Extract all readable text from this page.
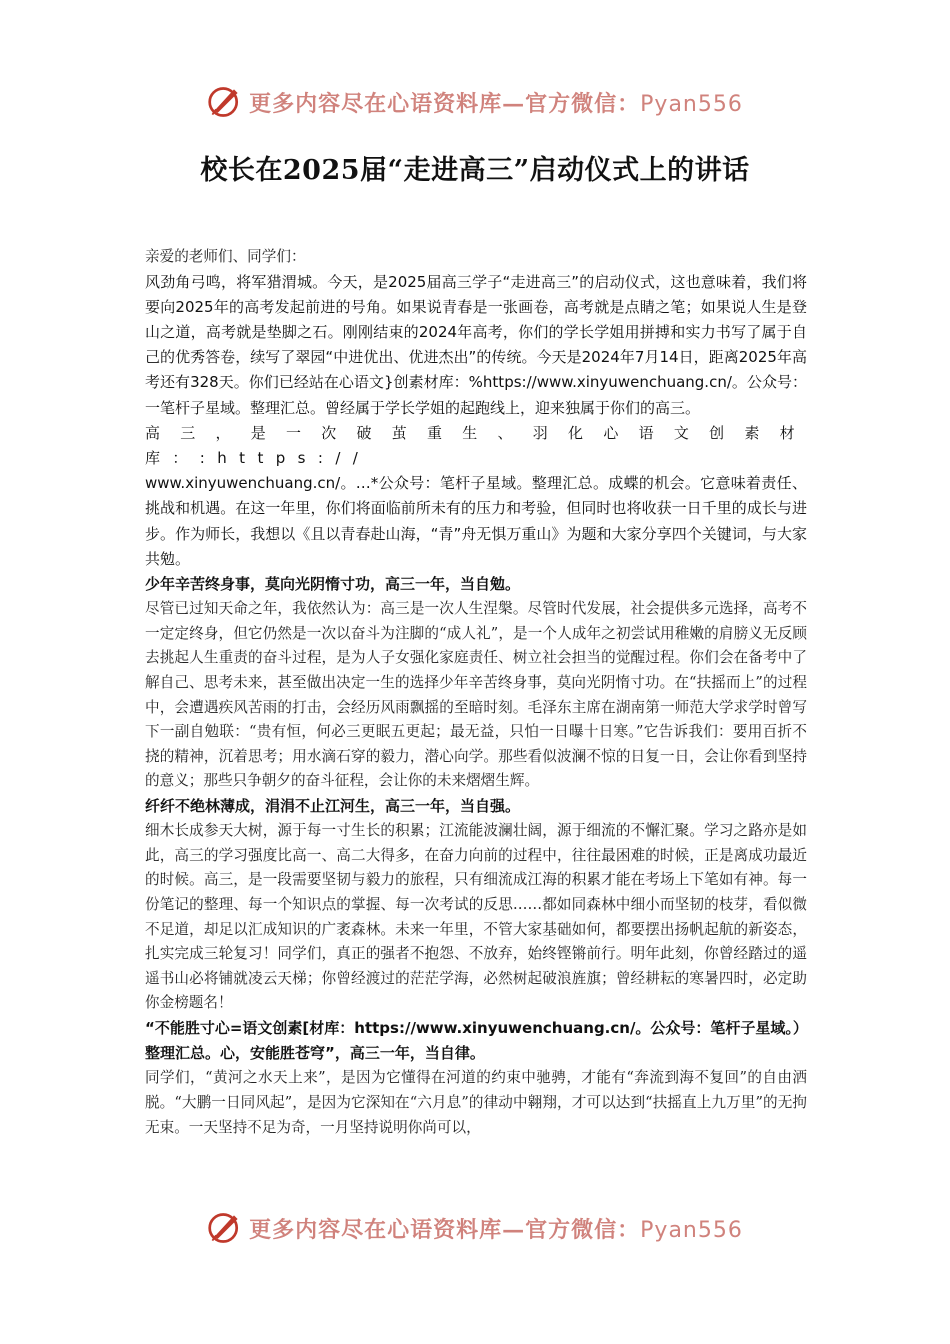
更多内容尽在心语资料库—官方微信：Pyan556
校长在2025届“走进高三”启动仪式上的讲话

亲爱的老师们、同学们：

风劲角弓鸣，将军猎渭城。今天，是2025届高三学子“走进高三”的启动仪式，这也意味着，我们将要向2025年的高考发起前进的号角。如果说青春是一张画卷，高考就是点睛之笔；如果说人生是登山之道，高考就是垫脚之石。刚刚结束的2024年高考，你们的学长学姐用拼搏和实力书写了属于自己的优秀答卷，续写了翠园“中进优出、优进杰出”的传统。今天是2024年7月14日，距离2025年高考还有328天。你们已经站在心语文}创素材库：%https://www.xinyuwenchuang.cn/。公众号：一笔杆子星域。整理汇总。曾经属于学长学姐的起跑线上，迎来独属于你们的高三。

高三，是一次破茧重生、羽化心语文创素材库：:https://

www.xinyuwenchuang.cn/。…*公众号：笔杆子星域。整理汇总。成蝶的机会。它意味着责任、挑战和机遇。在这一年里，你们将面临前所未有的压力和考验，但同时也将收获一日千里的成长与进步。作为师长，我想以《且以青春赴山海，“青”舟无惧万重山》为题和大家分享四个关键词，与大家共勉。

少年辛苦终身事，莫向光阴惰寸功，高三一年，当自勉。

尽管已过知天命之年，我依然认为：高三是一次人生涅槃。尽管时代发展，社会提供多元选择，高考不一定定终身，但它仍然是一次以奋斗为注脚的“成人礼”，是一个人成年之初尝试用稚嫩的肩膀义无反顾去挑起人生重责的奋斗过程，是为人子女强化家庭责任、树立社会担当的觉醒过程。你们会在备考中了解自己、思考未来，甚至做出决定一生的选择少年辛苦终身事，莫向光阴惰寸功。在“扶摇而上”的过程中，会遭遇疾风苦雨的打击，会经历风雨飘摇的至暗时刻。毛泽东主席在湖南第一师范大学求学时曾写下一副自勉联：“贵有恒，何必三更眠五更起；最无益，只怕一日曝十日寒。”它告诉我们：要用百折不挠的精神，沉着思考；用水滴石穿的毅力，潜心向学。那些看似波澜不惊的日复一日，会让你看到坚持的意义；那些只争朝夕的奋斗征程，会让你的未来熠熠生辉。

纤纤不绝林薄成，涓涓不止江河生，高三一年，当自强。

细木长成参天大树，源于每一寸生长的积累；江流能波澜壮阔，源于细流的不懈汇聚。学习之路亦是如此，高三的学习强度比高一、高二大得多，在奋力向前的过程中，往往最困难的时候，正是离成功最近的时候。高三，是一段需要坚韧与毅力的旅程，只有细流成江海的积累才能在考场上下笔如有神。每一份笔记的整理、每一个知识点的掌握、每一次考试的反思……都如同森林中细小而坚韧的枝芽，看似微不足道，却足以汇成知识的广袤森林。未来一年里，不管大家基础如何，都要摆出扬帆起航的新姿态，扎实完成三轮复习！同学们，真正的强者不抱怨、不放弃，始终铿锵前行。明年此刻，你曾经踏过的遥遥书山必将铺就凌云天梯；你曾经渡过的茫茫学海，必然树起破浪旌旗；曾经耕耘的寒暑四时，必定助你金榜题名！

“不能胜寸心=语文创素[材库：https://www.xinyuwenchuang.cn/。公众号：笔杆子星域。）整理汇总。心，安能胜苍穹”，高三一年，当自律。

同学们，“黄河之水天上来”，是因为它懂得在河道的约束中驰骋，才能有“奔流到海不复回”的自由洒脱。“大鹏一日同风起”，是因为它深知在“六月息”的律动中翱翔，才可以达到“扶摇直上九万里”的无拘无束。一天坚持不足为奇，一月坚持说明你尚可以，

更多内容尽在心语资料库—官方微信：Pyan556
